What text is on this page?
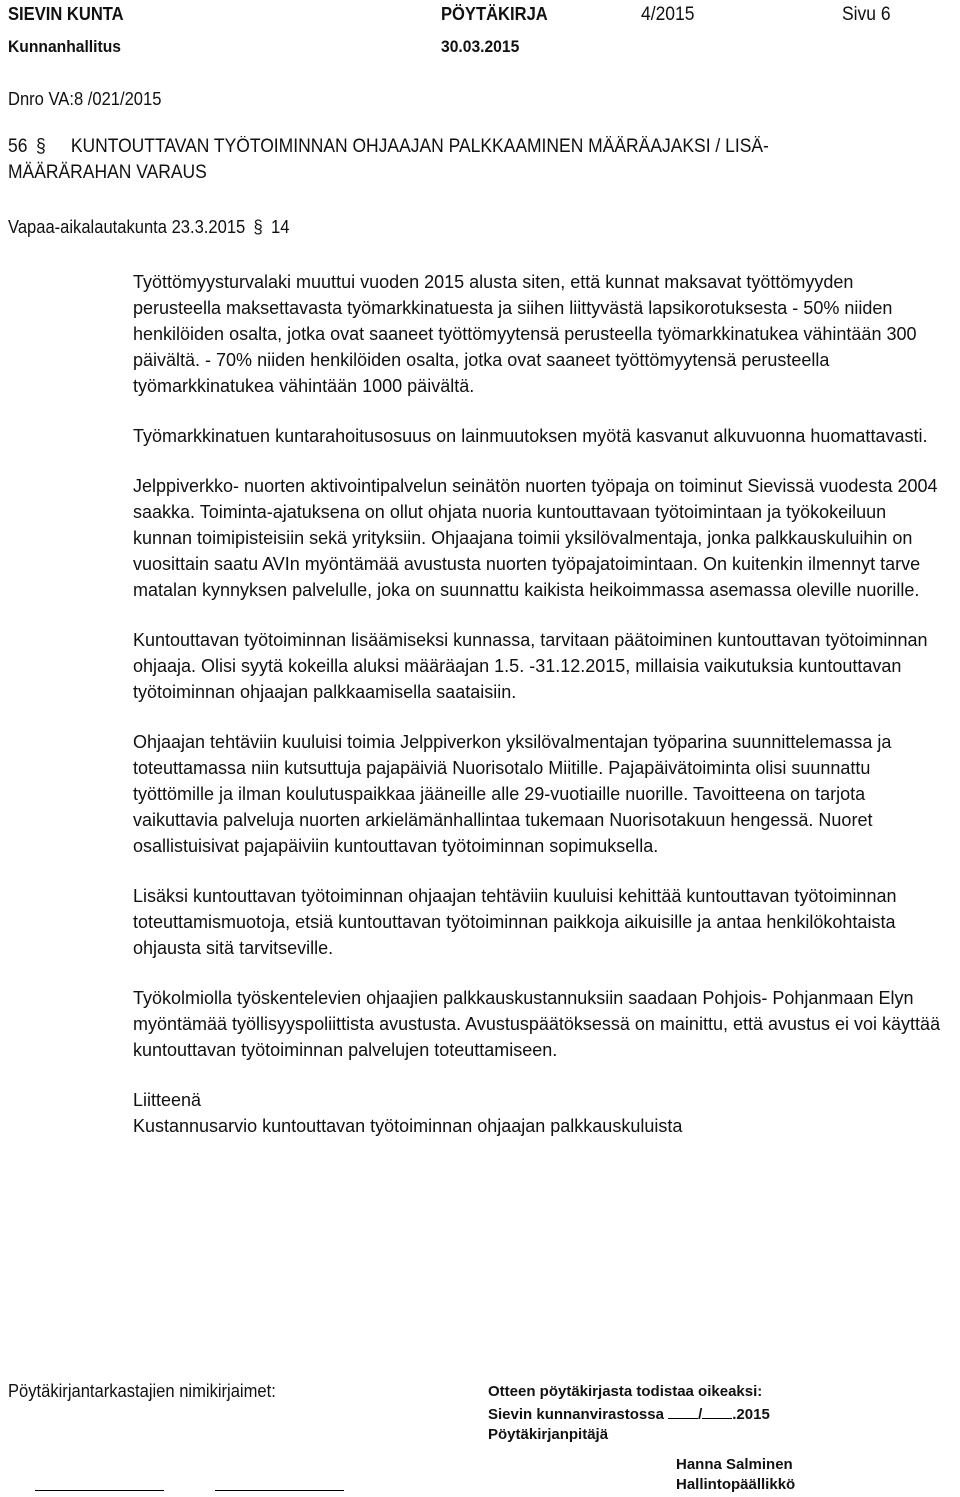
SIEVIN KUNTA	PÖYTÄKIRJA	4/2015	Sivu 6
Kunnanhallitus	30.03.2015
Dnro VA:8 /021/2015
56 § KUNTOUTTAVAN TYÖTOIMINNAN OHJAAJAN PALKKAAMINEN MÄÄRÄAJAKSI / LISÄ-
MÄÄRÄRAHAN VARAUS
Vapaa-aikalautakunta 23.3.2015 § 14

Työttömyysturvalaki muuttui vuoden 2015 alusta siten, että kunnat maksavat työttömyyden perusteella maksettavasta työmarkkinatuesta ja siihen liittyvästä lapsikorotuksesta - 50% niiden henkilöiden osalta, jotka ovat saaneet työttömyytensä perusteella työmarkkinatukea vähintään 300 päivältä. - 70% niiden henkilöiden osalta, jotka ovat saaneet työttömyytensä perusteella työmarkkinatukea vähintään 1000 päivältä.

Työmarkkinatuen kuntarahoitusosuus on lainmuutoksen myötä kasvanut alkuvuonna huomattavasti.

Jelppiverkko- nuorten aktivointipalvelun seinätön nuorten työpaja on toiminut Sievissä vuodesta 2004 saakka. Toiminta-ajatuksena on ollut ohjata nuoria kuntouttavaan työtoimintaan ja työkokeiluun kunnan toimipisteisiin sekä yrityksiin. Ohjaajana toimii yksilövalmentaja, jonka palkkauskuluihin on vuosittain saatu AVIn myöntämää avustusta nuorten työpajatoimintaan. On kuitenkin ilmennyt tarve matalan kynnyksen palvelulle, joka on suunnattu kaikista heikoimmassa asemassa oleville nuorille.

Kuntouttavan työtoiminnan lisäämiseksi kunnassa, tarvitaan päätoiminen kuntouttavan työtoiminnan ohjaaja. Olisi syytä kokeilla aluksi määräajan 1.5. -31.12.2015, millaisia vaikutuksia kuntouttavan työtoiminnan ohjaajan palkkaamisella saataisiin.

Ohjaajan tehtäviin kuuluisi toimia Jelppiverkon yksilövalmentajan työparina suunnittelemassa ja toteuttamassa niin kutsuttuja pajapäiviä Nuorisotalo Miitille. Pajapäivätoiminta olisi suunnattu työttömille ja ilman koulutuspaikkaa jääneille alle 29-vuotiaille nuorille. Tavoitteena on tarjota vaikuttavia palveluja nuorten arkielämänhallintaa tukemaan Nuorisotakuun hengessä. Nuoret osallistuisivat pajapäiviin kuntouttavan työtoiminnan sopimuksella.

Lisäksi kuntouttavan työtoiminnan ohjaajan tehtäviin kuuluisi kehittää kuntouttavan työtoiminnan toteuttamismuotoja, etsiä kuntouttavan työtoiminnan paikkoja aikuisille ja antaa henkilökohtaista ohjausta sitä tarvitseville.

Työkolmiolla työskentelevien ohjaajien palkkauskustannuksiin saadaan Pohjois- Pohjanmaan Elyn myöntämää työllisyyspoliittista avustusta. Avustuspäätöksessä on mainittu, että avustus ei voi käyttää kuntouttavan työtoiminnan palvelujen toteuttamiseen.

Liitteenä
Kustannusarvio kuntouttavan työtoiminnan ohjaajan palkkauskuluista

Pöytäkirjantarkastajien nimikirjaimet:	Otteen pöytäkirjasta todistaa oikeaksi:
Sievin kunnanvirastossa / .2015
Pöytäkirjanpitäjä
Hanna Salminen
Hallintopäällikkö
